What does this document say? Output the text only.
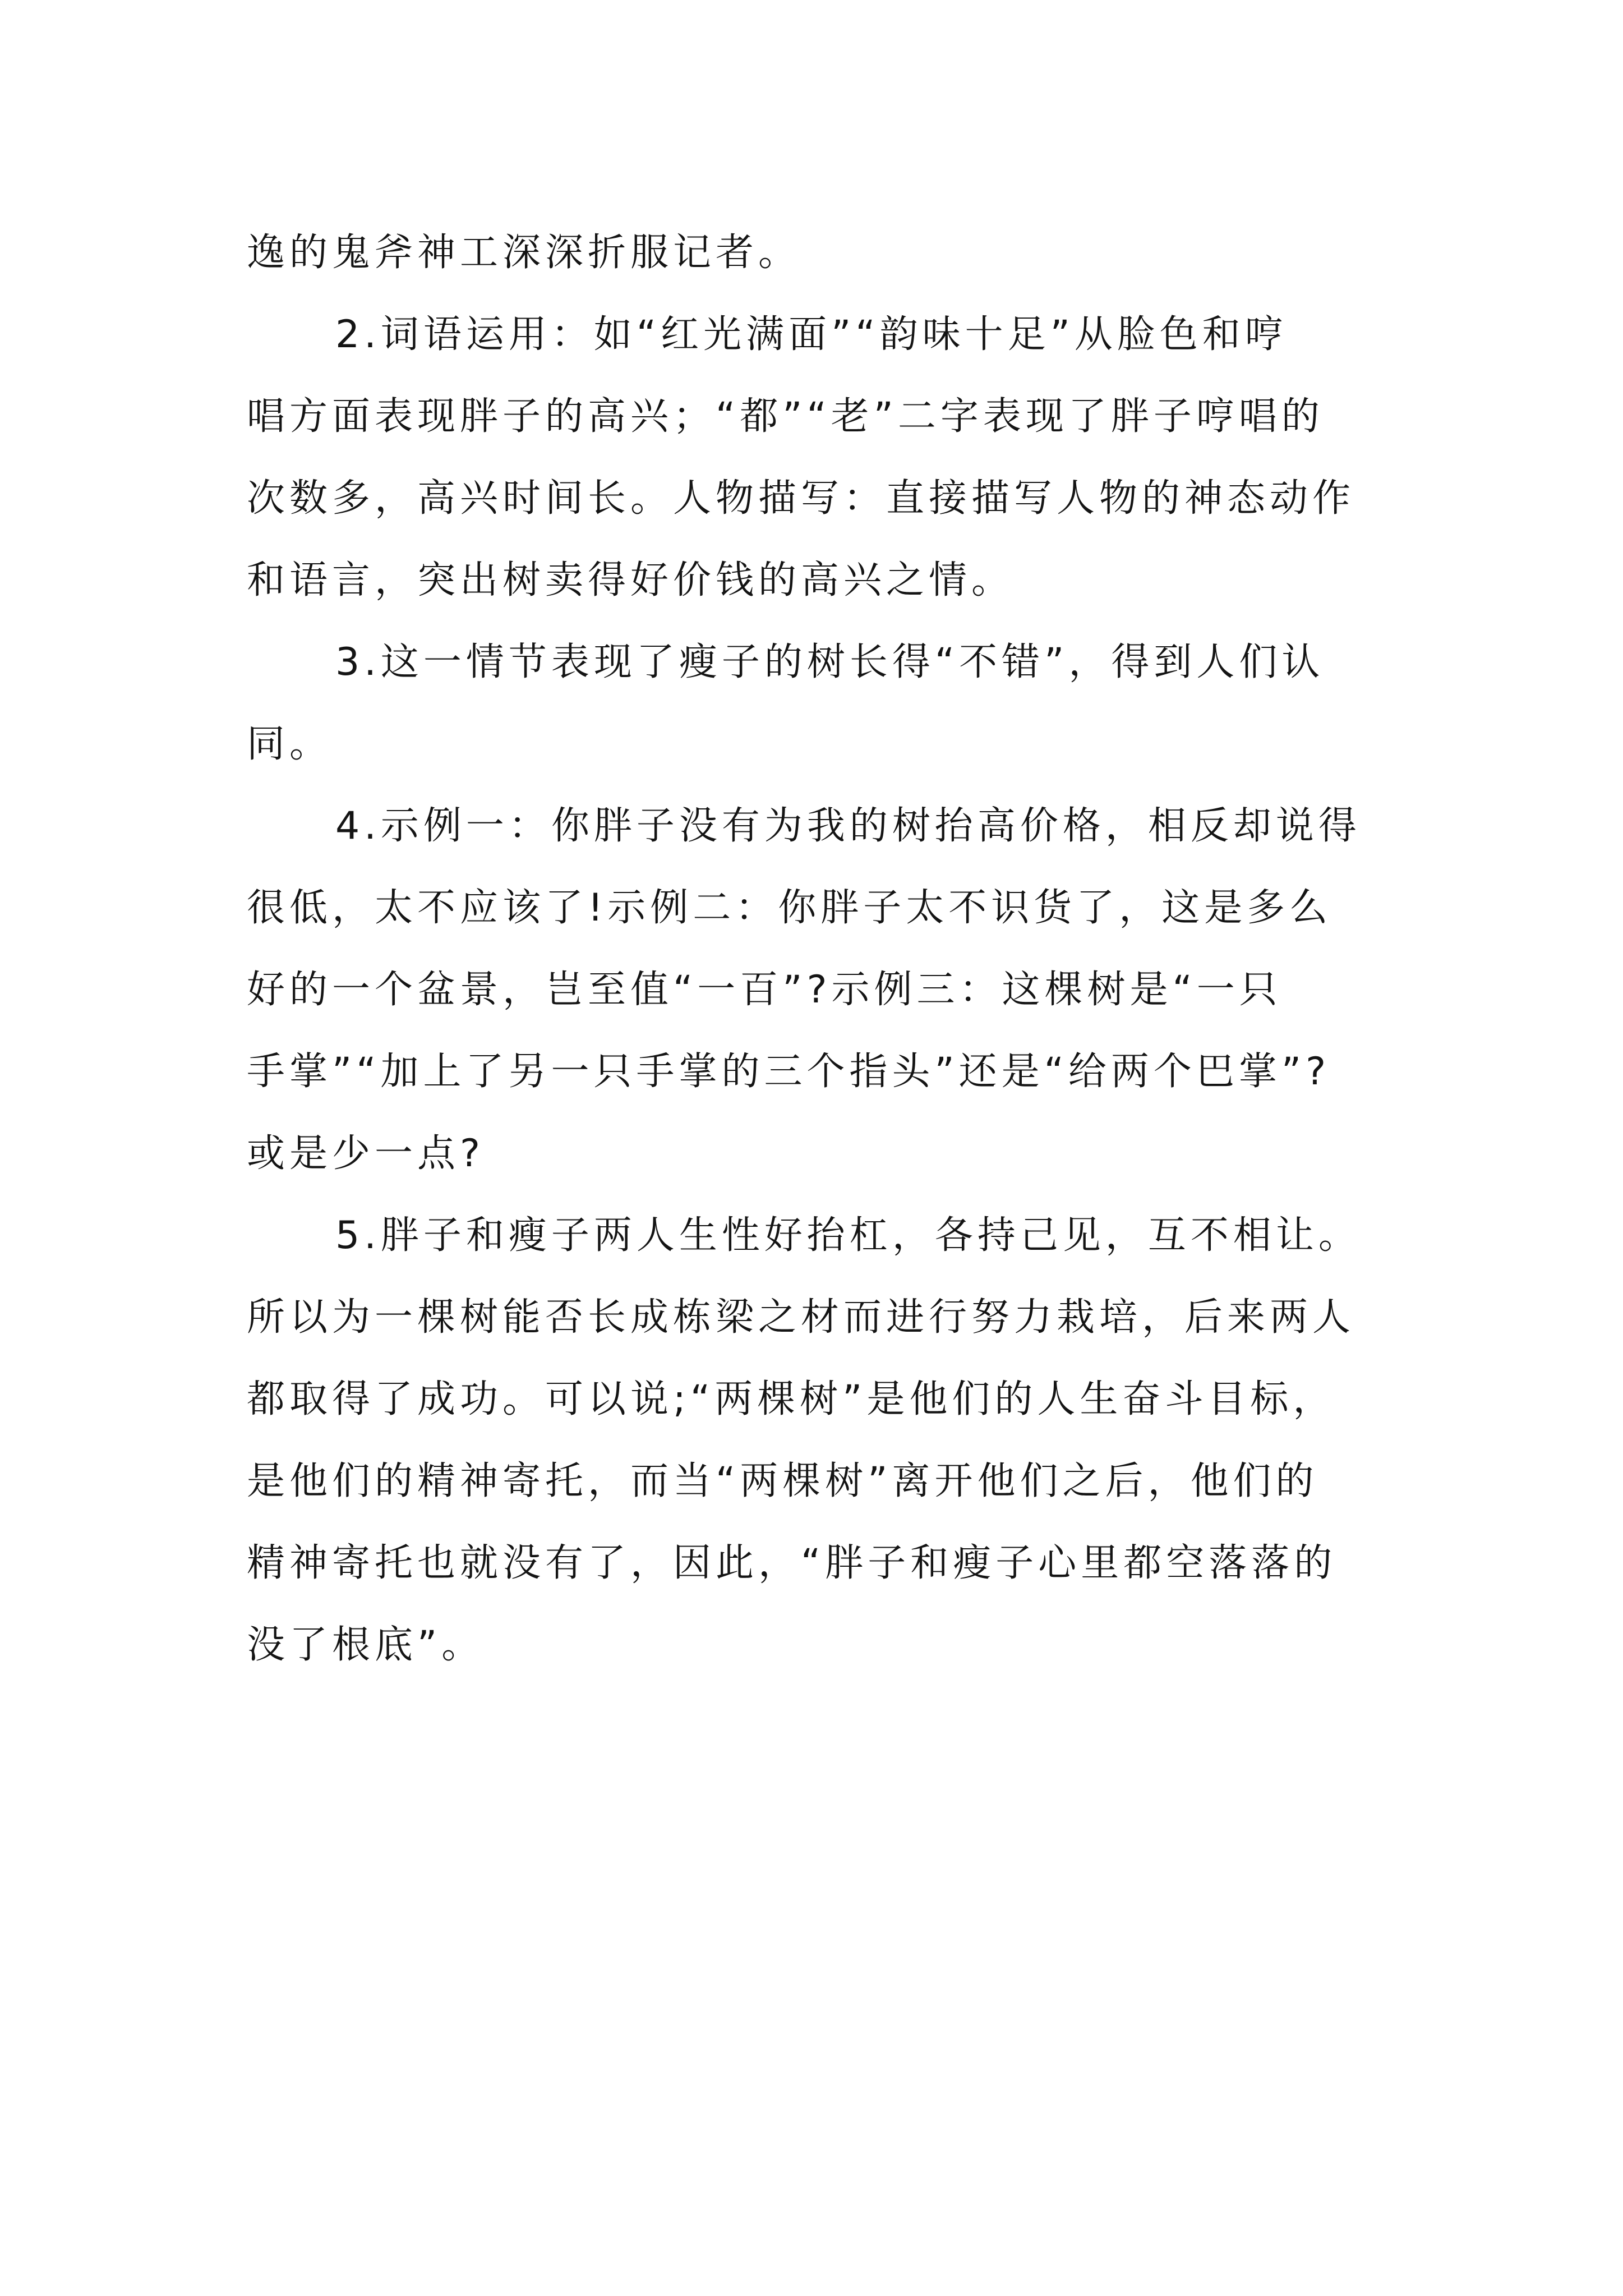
逸的鬼斧神工深深折服记者。
2.词语运用：如“红光满面”“韵味十足”从脸色和哼
唱方面表现胖子的高兴；“都”“老”二字表现了胖子哼唱的
次数多，高兴时间长。人物描写：直接描写人物的神态动作
和语言，突出树卖得好价钱的高兴之情。
3.这一情节表现了瘦子的树长得“不错”，得到人们认
同。
4.示例一：你胖子没有为我的树抬高价格，相反却说得
很低，太不应该了!示例二：你胖子太不识货了，这是多么
好的一个盆景，岂至值“一百”?示例三：这棵树是“一只
手掌”“加上了另一只手掌的三个指头”还是“给两个巴掌”?
或是少一点?
5.胖子和瘦子两人生性好抬杠，各持己见，互不相让。
所以为一棵树能否长成栋梁之材而进行努力栽培，后来两人
都取得了成功。可以说;“两棵树”是他们的人生奋斗目标，
是他们的精神寄托，而当“两棵树”离开他们之后，他们的
精神寄托也就没有了，因此，“胖子和瘦子心里都空落落的
没了根底”。
